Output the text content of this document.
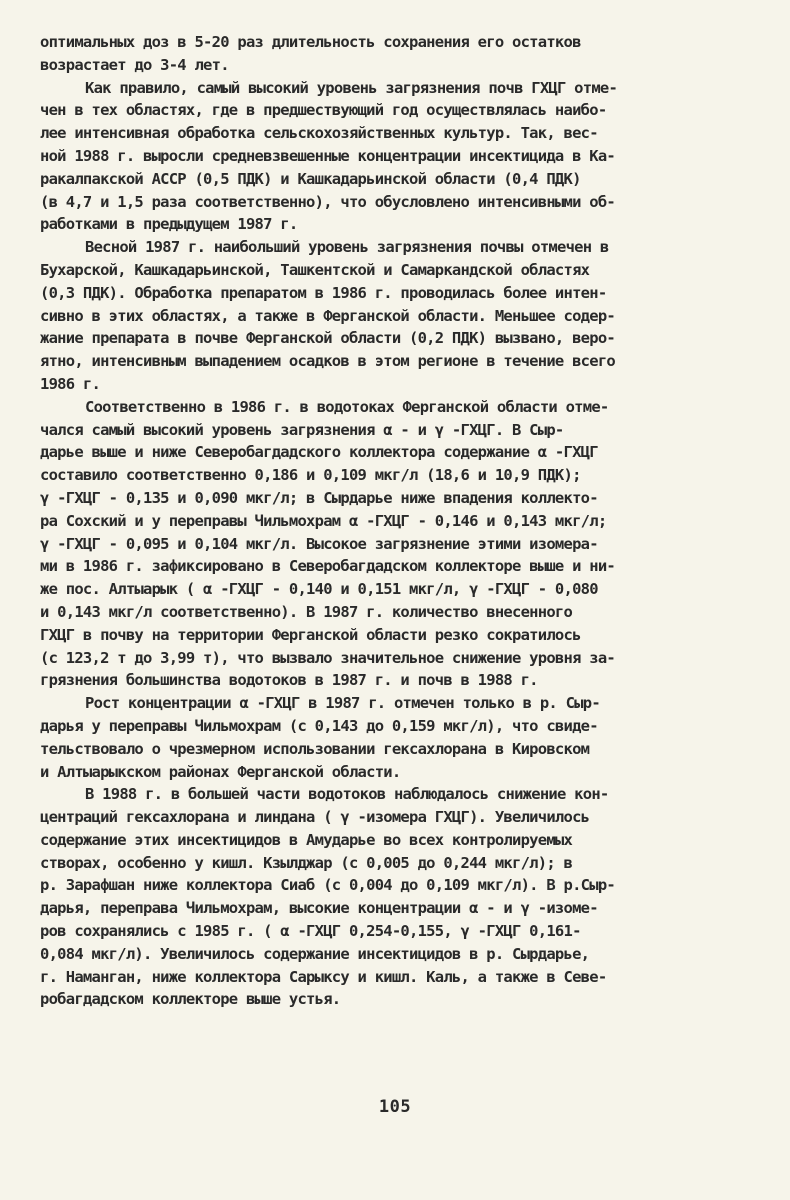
оптимальных доз в 5-20 раз длительность сохранения его остатков
возрастает до 3-4 лет.
Как правило, самый высокий уровень загрязнения почв ГХЦГ отме-
чен в тех областях, где в предшествующий год осуществлялась наибо-
лее интенсивная обработка сельскохозяйственных культур. Так, вес-
ной 1988 г. выросли средневзвешенные концентрации инсектицида в Ка-
ракалпакской АССР (0,5 ПДК) и Кашкадарьинской области (0,4 ПДК)
(в 4,7 и 1,5 раза соответственно), что обусловлено интенсивными об-
работками в предыдущем 1987 г.
Весной 1987 г. наибольший уровень загрязнения почвы отмечен в
Бухарской, Кашкадарьинской, Ташкентской и Самаркандской областях
(0,3 ПДК). Обработка препаратом в 1986 г. проводилась более интен-
сивно в этих областях, а также в Ферганской области. Меньшее содер-
жание препарата в почве Ферганской области (0,2 ПДК) вызвано, веро-
ятно, интенсивным выпадением осадков в этом регионе в течение всего
1986 г.
Соответственно в 1986 г. в водотоках Ферганской области отме-
чался самый высокий уровень загрязнения α - и γ -ГХЦГ. В Сыр-
дарье выше и ниже Северобагдадского коллектора содержание α -ГХЦГ
составило соответственно 0,186 и 0,109 мкг/л (18,6 и 10,9 ПДК);
γ -ГХЦГ - 0,135 и 0,090 мкг/л; в Сырдарье ниже впадения коллекто-
ра Сохский и у переправы Чильмохрам α -ГХЦГ - 0,146 и 0,143 мкг/л;
γ -ГХЦГ - 0,095 и 0,104 мкг/л. Высокое загрязнение этими изомера-
ми в 1986 г. зафиксировано в Северобагдадском коллекторе выше и ни-
же пос. Алтыарык ( α -ГХЦГ - 0,140 и 0,151 мкг/л, γ -ГХЦГ - 0,080
и 0,143 мкг/л соответственно). В 1987 г. количество внесенного
ГХЦГ в почву на территории Ферганской области резко сократилось
(с 123,2 т до 3,99 т), что вызвало значительное снижение уровня за-
грязнения большинства водотоков в 1987 г. и почв в 1988 г.
Рост концентрации α -ГХЦГ в 1987 г. отмечен только в р. Сыр-
дарья у переправы Чильмохрам (с 0,143 до 0,159 мкг/л), что свиде-
тельствовало о чрезмерном использовании гексахлорана в Кировском
и Алтыарыкском районах Ферганской области.
В 1988 г. в большей части водотоков наблюдалось снижение кон-
центраций гексахлорана и линдана ( γ -изомера ГХЦГ). Увеличилось
содержание этих инсектицидов в Амударье во всех контролируемых
створах, особенно у кишл. Кзылджар (с 0,005 до 0,244 мкг/л); в
р. Зарафшан ниже коллектора Сиаб (с 0,004 до 0,109 мкг/л). В р.Сыр-
дарья, переправа Чильмохрам, высокие концентрации α - и γ -изоме-
ров сохранялись с 1985 г. ( α -ГХЦГ 0,254-0,155, γ -ГХЦГ 0,161-
0,084 мкг/л). Увеличилось содержание инсектицидов в р. Сырдарье,
г. Наманган, ниже коллектора Сарыксу и кишл. Каль, а также в Севе-
робагдадском коллекторе выше устья.
105
